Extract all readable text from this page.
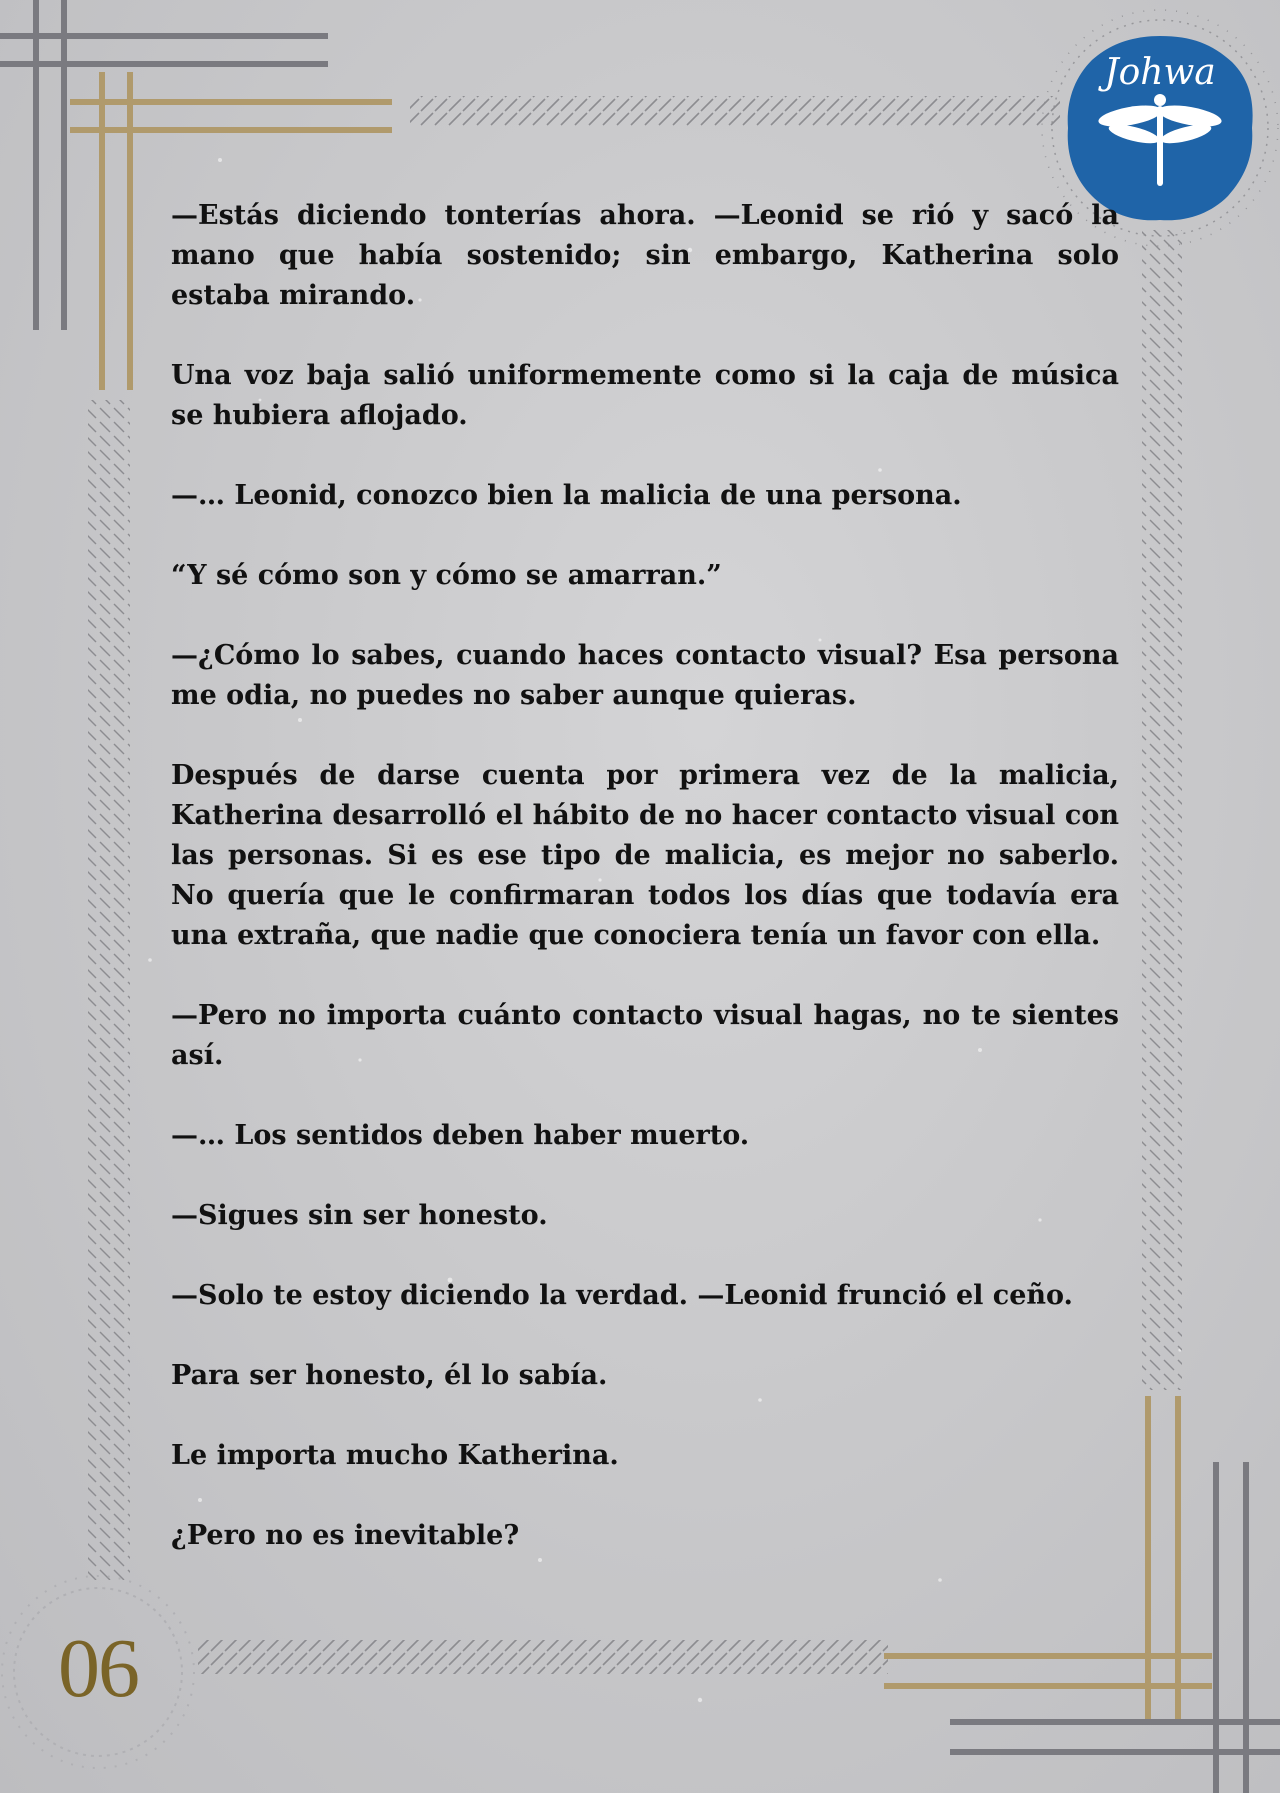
Johwa
06

—Estás diciendo tonterías ahora. —Leonid se rió y sacó la mano que había sostenido; sin embargo, Katherina solo estaba mirando.

Una voz baja salió uniformemente como si la caja de música se hubiera aflojado.

—… Leonid, conozco bien la malicia de una persona.

“Y sé cómo son y cómo se amarran.”

—¿Cómo lo sabes, cuando haces contacto visual? Esa persona me odia, no puedes no saber aunque quieras.

Después de darse cuenta por primera vez de la malicia, Katherina desarrolló el hábito de no hacer contacto visual con las personas. Si es ese tipo de malicia, es mejor no saberlo. No quería que le confirmaran todos los días que todavía era una extraña, que nadie que conociera tenía un favor con ella.

—Pero no importa cuánto contacto visual hagas, no te sientes así.

—… Los sentidos deben haber muerto.

—Sigues sin ser honesto.

—Solo te estoy diciendo la verdad. —Leonid frunció el ceño.

Para ser honesto, él lo sabía.

Le importa mucho Katherina.

¿Pero no es inevitable?
